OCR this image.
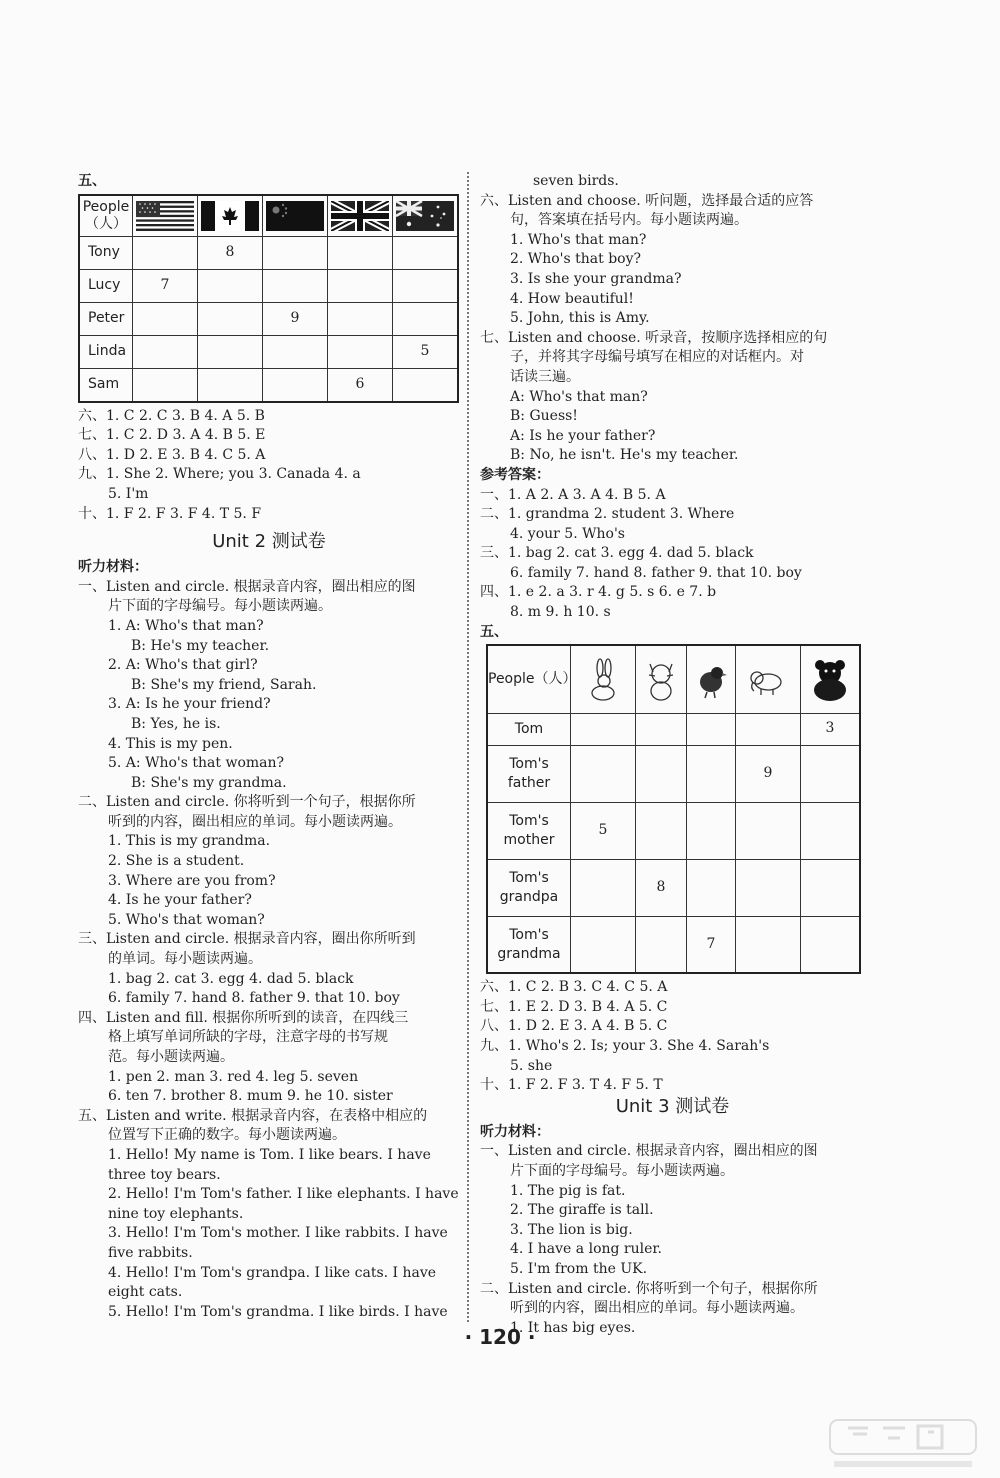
五、
People（人）					
Tony		8			
Lucy	7				
Peter			9		
Linda					5
Sam				6	
六、1. C 2. C 3. B 4. A 5. B
七、1. C 2. D 3. A 4. B 5. E
八、1. D 2. E 3. B 4. C 5. A
九、1. She 2. Where; you 3. Canada 4. a
5. I'm
十、1. F 2. F 3. F 4. T 5. F
Unit 2 测试卷
听力材料：
一、Listen and circle. 根据录音内容，圈出相应的图
片下面的字母编号。每小题读两遍。
1. A: Who's that man?
B: He's my teacher.
2. A: Who's that girl?
B: She's my friend, Sarah.
3. A: Is he your friend?
B: Yes, he is.
4. This is my pen.
5. A: Who's that woman?
B: She's my grandma.
二、Listen and circle. 你将听到一个句子，根据你所
听到的内容，圈出相应的单词。每小题读两遍。
1. This is my grandma.
2. She is a student.
3. Where are you from?
4. Is he your father?
5. Who's that woman?
三、Listen and circle. 根据录音内容，圈出你所听到
的单词。每小题读两遍。
1. bag 2. cat 3. egg 4. dad 5. black
6. family 7. hand 8. father 9. that 10. boy
四、Listen and fill. 根据你所听到的读音，在四线三
格上填写单词所缺的字母，注意字母的书写规
范。每小题读两遍。
1. pen 2. man 3. red 4. leg 5. seven
6. ten 7. brother 8. mum 9. he 10. sister
五、Listen and write. 根据录音内容，在表格中相应的
位置写下正确的数字。每小题读两遍。
1. Hello! My name is Tom. I like bears. I have
three toy bears.
2. Hello! I'm Tom's father. I like elephants. I have
nine toy elephants.
3. Hello! I'm Tom's mother. I like rabbits. I have
five rabbits.
4. Hello! I'm Tom's grandpa. I like cats. I have
eight cats.
5. Hello! I'm Tom's grandma. I like birds. I have
seven birds.
六、Listen and choose. 听问题，选择最合适的应答
句，答案填在括号内。每小题读两遍。
1. Who's that man?
2. Who's that boy?
3. Is she your grandma?
4. How beautiful!
5. John, this is Amy.
七、Listen and choose. 听录音，按顺序选择相应的句
子，并将其字母编号填写在相应的对话框内。对
话读三遍。
A: Who's that man?
B: Guess!
A: Is he your father?
B: No, he isn't. He's my teacher.
参考答案：
一、1. A 2. A 3. A 4. B 5. A
二、1. grandma 2. student 3. Where
4. your 5. Who's
三、1. bag 2. cat 3. egg 4. dad 5. black
6. family 7. hand 8. father 9. that 10. boy
四、1. e 2. a 3. r 4. g 5. s 6. e 7. b
8. m 9. h 10. s
五、
People（人）					
Tom					3
Tom's father				9	
Tom's mother	5				
Tom's grandpa		8			
Tom's grandma			7		
六、1. C 2. B 3. C 4. C 5. A
七、1. E 2. D 3. B 4. A 5. C
八、1. D 2. E 3. A 4. B 5. C
九、1. Who's 2. Is; your 3. She 4. Sarah's
5. she
十、1. F 2. F 3. T 4. F 5. T
Unit 3 测试卷
听力材料：
一、Listen and circle. 根据录音内容，圈出相应的图
片下面的字母编号。每小题读两遍。
1. The pig is fat.
2. The giraffe is tall.
3. The lion is big.
4. I have a long ruler.
5. I'm from the UK.
二、Listen and circle. 你将听到一个句子，根据你所
听到的内容，圈出相应的单词。每小题读两遍。
1. It has big eyes.
· 120 ·
